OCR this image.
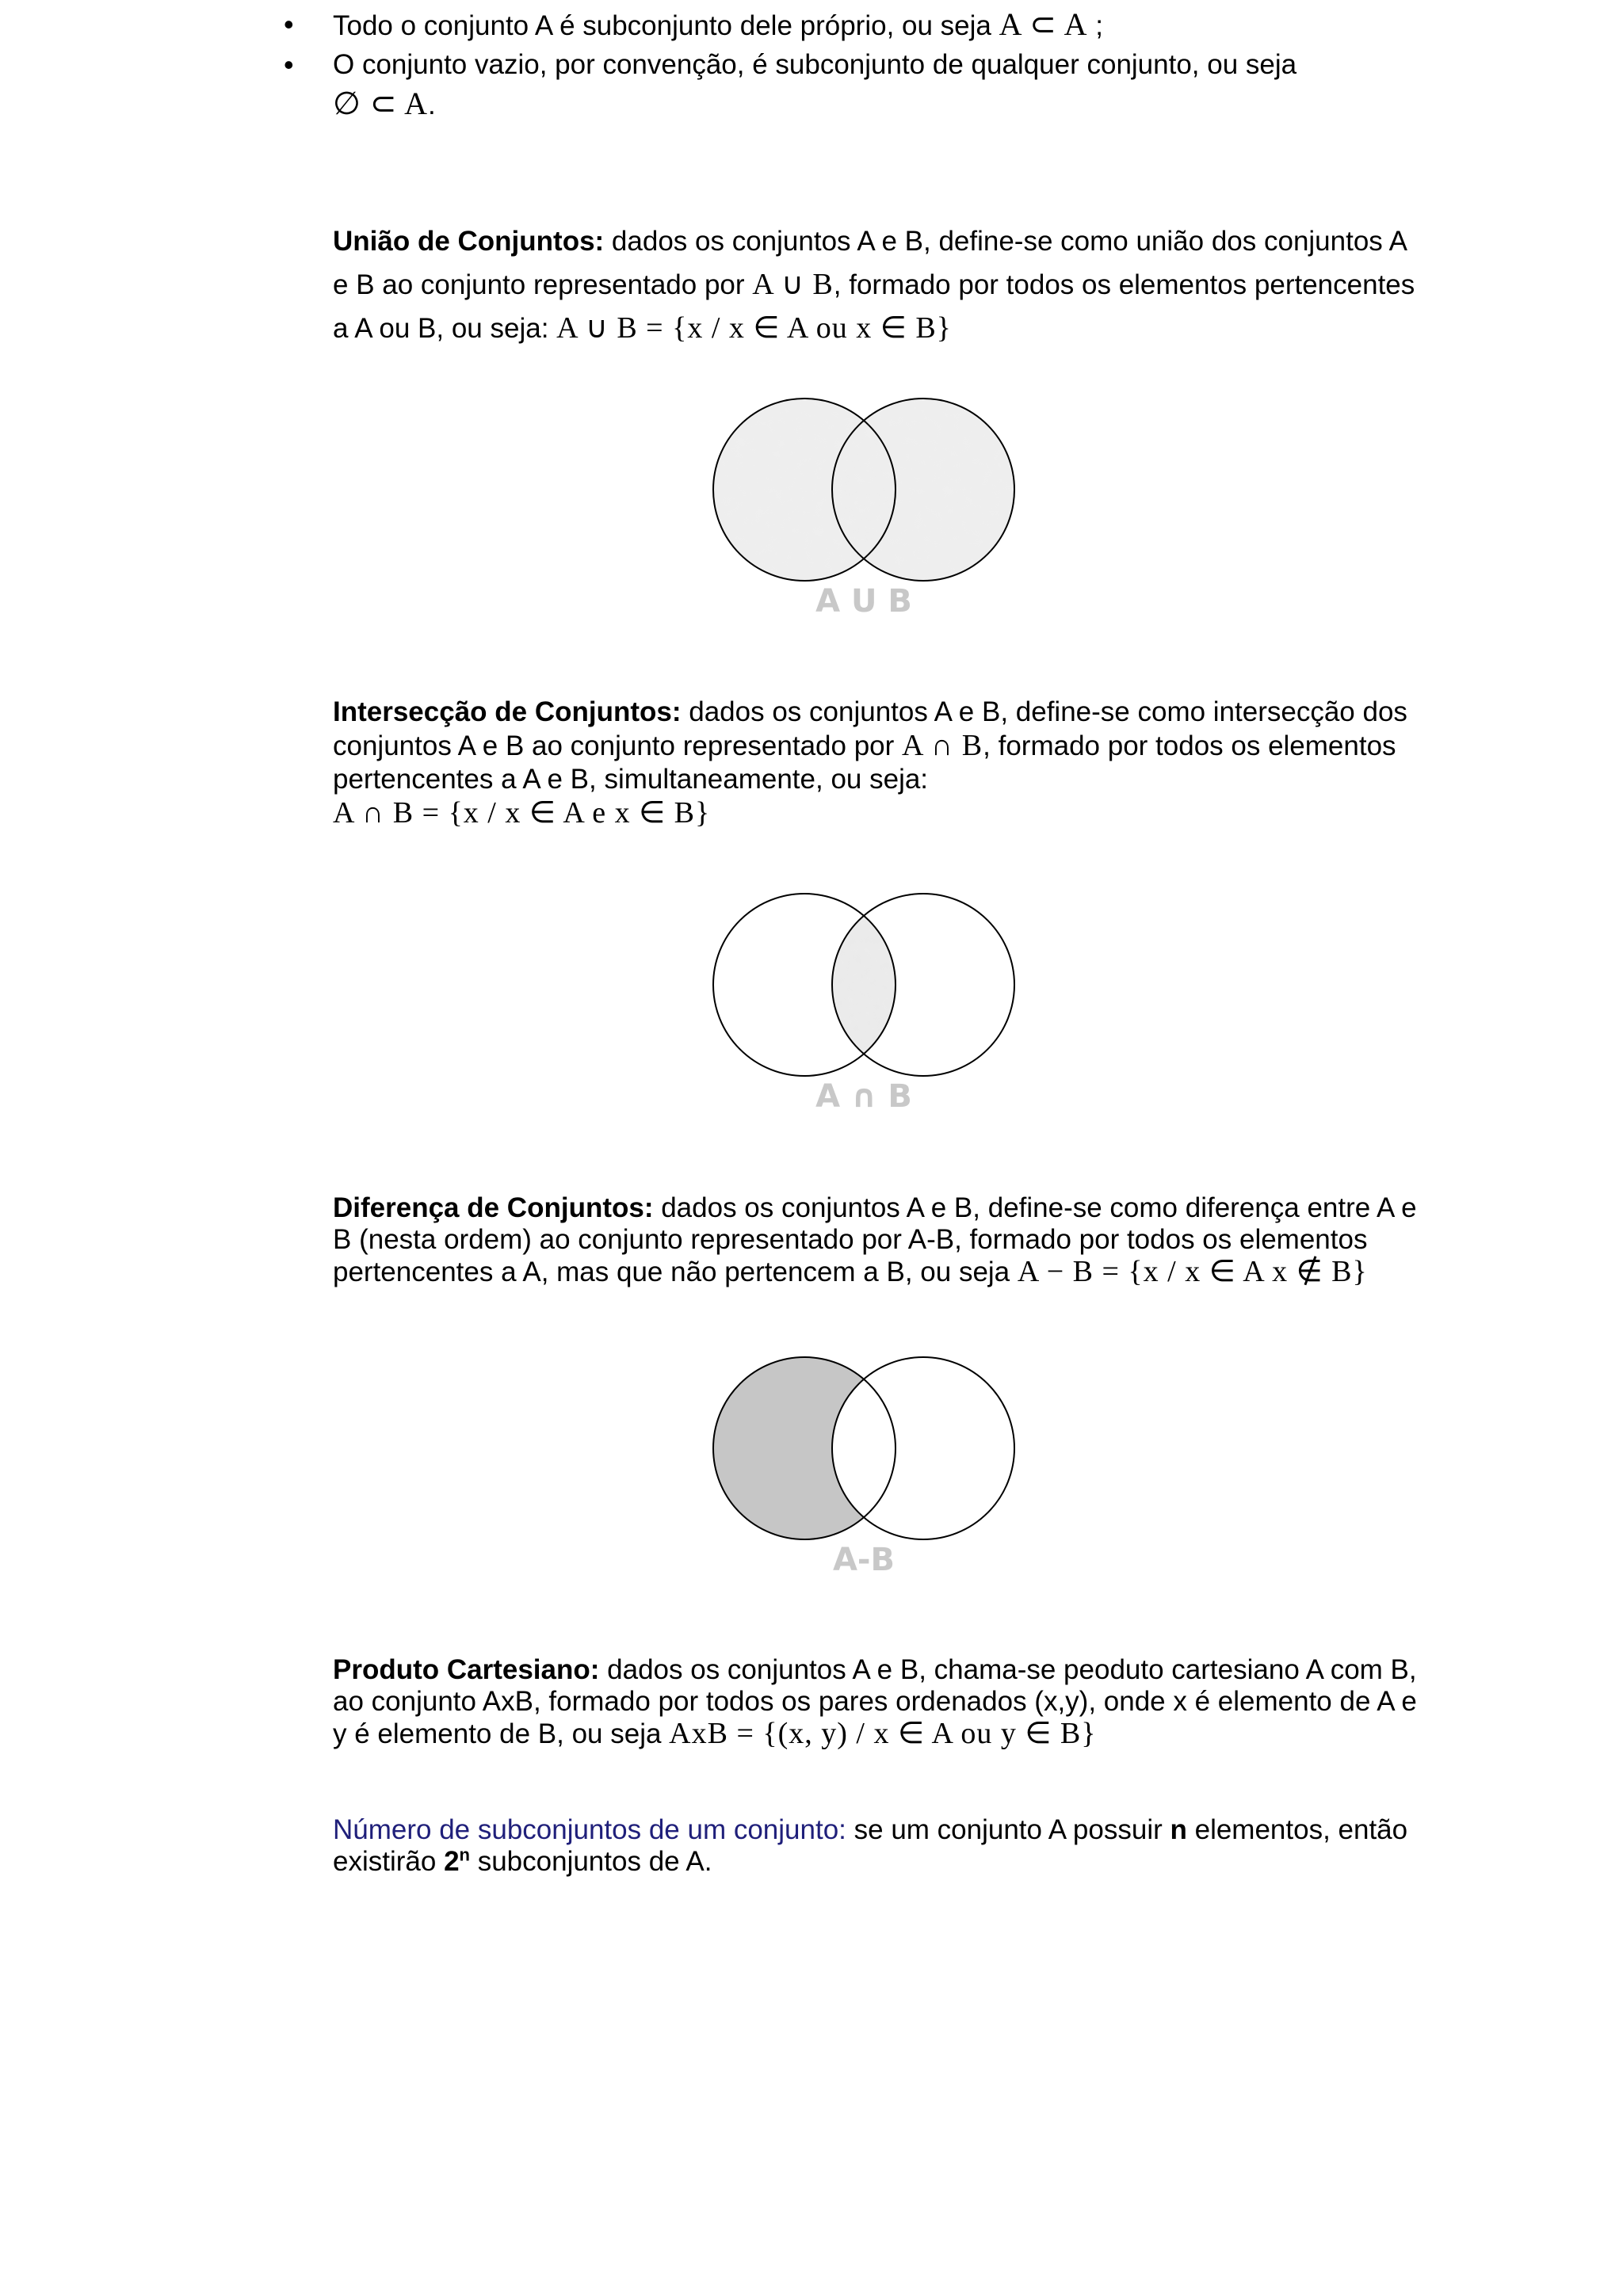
• Todo o conjunto A é subconjunto dele próprio, ou seja A ⊂ A ;
• O conjunto vazio, por convenção, é subconjunto de qualquer conjunto, ou seja
∅ ⊂ A.

União de Conjuntos: dados os conjuntos A e B, define-se como união dos conjuntos A e B ao conjunto representado por A ∪ B, formado por todos os elementos pertencentes a A ou B, ou seja: A ∪ B = {x / x ∈ A ou x ∈ B}

A U B

Intersecção de Conjuntos: dados os conjuntos A e B, define-se como intersecção dos conjuntos A e B ao conjunto representado por A ∩ B, formado por todos os elementos pertencentes a A e B, simultaneamente, ou seja:
A ∩ B = {x / x ∈ A e x ∈ B}

A ∩ B

Diferença de Conjuntos: dados os conjuntos A e B, define-se como diferença entre A e B (nesta ordem) ao conjunto representado por A-B, formado por todos os elementos pertencentes a A, mas que não pertencem a B, ou seja A − B = {x / x ∈ A x ∉ B}

A-B

Produto Cartesiano: dados os conjuntos A e B, chama-se peoduto cartesiano A com B, ao conjunto AxB, formado por todos os pares ordenados (x,y), onde x é elemento de A e y é elemento de B, ou seja AxB = {(x, y) / x ∈ A ou y ∈ B}

Número de subconjuntos de um conjunto: se um conjunto A possuir n elementos, então existirão 2$^n$ subconjuntos de A.
